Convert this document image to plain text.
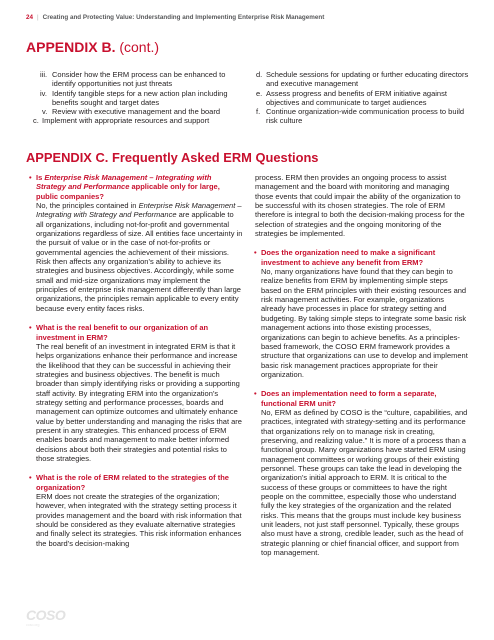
24 | Creating and Protecting Value: Understanding and Implementing Enterprise Risk Management
APPENDIX B. (cont.)
iii. Consider how the ERM process can be enhanced to identify opportunities not just threats
iv. Identify tangible steps for a new action plan including benefits sought and target dates
v. Review with executive management and the board
c. Implement with appropriate resources and support
d. Schedule sessions for updating or further educating directors and executive management
e. Assess progress and benefits of ERM initiative against objectives and communicate to target audiences
f. Continue organization-wide communication process to build risk culture
APPENDIX C. Frequently Asked ERM Questions

• Is Enterprise Risk Management – Integrating with Strategy and Performance applicable only for large, public companies?

No, the principles contained in Enterprise Risk Management – Integrating with Strategy and Performance are applicable to all organizations, including not-for-profit and governmental organizations regardless of size. All entities face uncertainty in the pursuit of value or in the case of not-for-profits or governmental agencies the achievement of their missions. Risk then affects any organization’s ability to achieve its strategies and business objectives. Accordingly, while some small and mid-size organizations may implement the principles of enterprise risk management differently than large organizations, the principles remain applicable to every entity because every entity faces risks.

• What is the real benefit to our organization of an investment in ERM?

The real benefit of an investment in integrated ERM is that it helps organizations enhance their performance and increase the likelihood that they can be successful in achieving their strategies and business objectives. The benefit is much broader than simply identifying risks or providing a supporting staff activity. By integrating ERM into the organization’s strategy setting and performance processes, boards and management can optimize outcomes and ultimately enhance value by better understanding and managing the risks that are present in any strategies. This enhanced process of ERM enables boards and management to make better informed decisions about both their strategies and potential risks to those strategies.

• What is the role of ERM related to the strategies of the organization?

ERM does not create the strategies of the organization; however, when integrated with the strategy setting process it provides management and the board with risk information that should be considered as they evaluate alternative strategies and finally select its strategies. This risk information enhances the board’s decision-making

process. ERM then provides an ongoing process to assist management and the board with monitoring and managing those events that could impair the ability of the organization to be successful with its chosen strategies. The role of ERM therefore is integral to both the decision-making process for the selection of strategies and the ongoing monitoring of the strategies be implemented.

• Does the organization need to make a significant investment to achieve any benefit from ERM?

No, many organizations have found that they can begin to realize benefits from ERM by implementing simple steps based on the ERM principles with their existing resources and risk management activities. For example, organizations already have processes in place for strategy setting and budgeting. By taking simple steps to integrate some basic risk management actions into those existing processes, organizations can begin to achieve benefits. As a principles-based framework, the COSO ERM framework provides a structure that organizations can use to develop and implement basic risk management practices appropriate for their organization.

• Does an implementation need to form a separate, functional ERM unit?

No, ERM as defined by COSO is the “culture, capabilities, and practices, integrated with strategy-setting and its performance that organizations rely on to manage risk in creating, preserving, and realizing value.” It is more of a process than a functional group. Many organizations have started ERM using management committees or working groups of their existing personnel. These groups can take the lead in developing the organization’s initial approach to ERM. It is critical to the success of these groups or committees to have the right people on the committee, especially those who understand fully the key strategies of the organization and the related risks. This means that the groups must include key business unit leaders, not just staff personnel. Typically, these groups also must have a strong, credible leader, such as the head of strategic planning or chief financial officer, and support from top management.

COSO
coso.org
